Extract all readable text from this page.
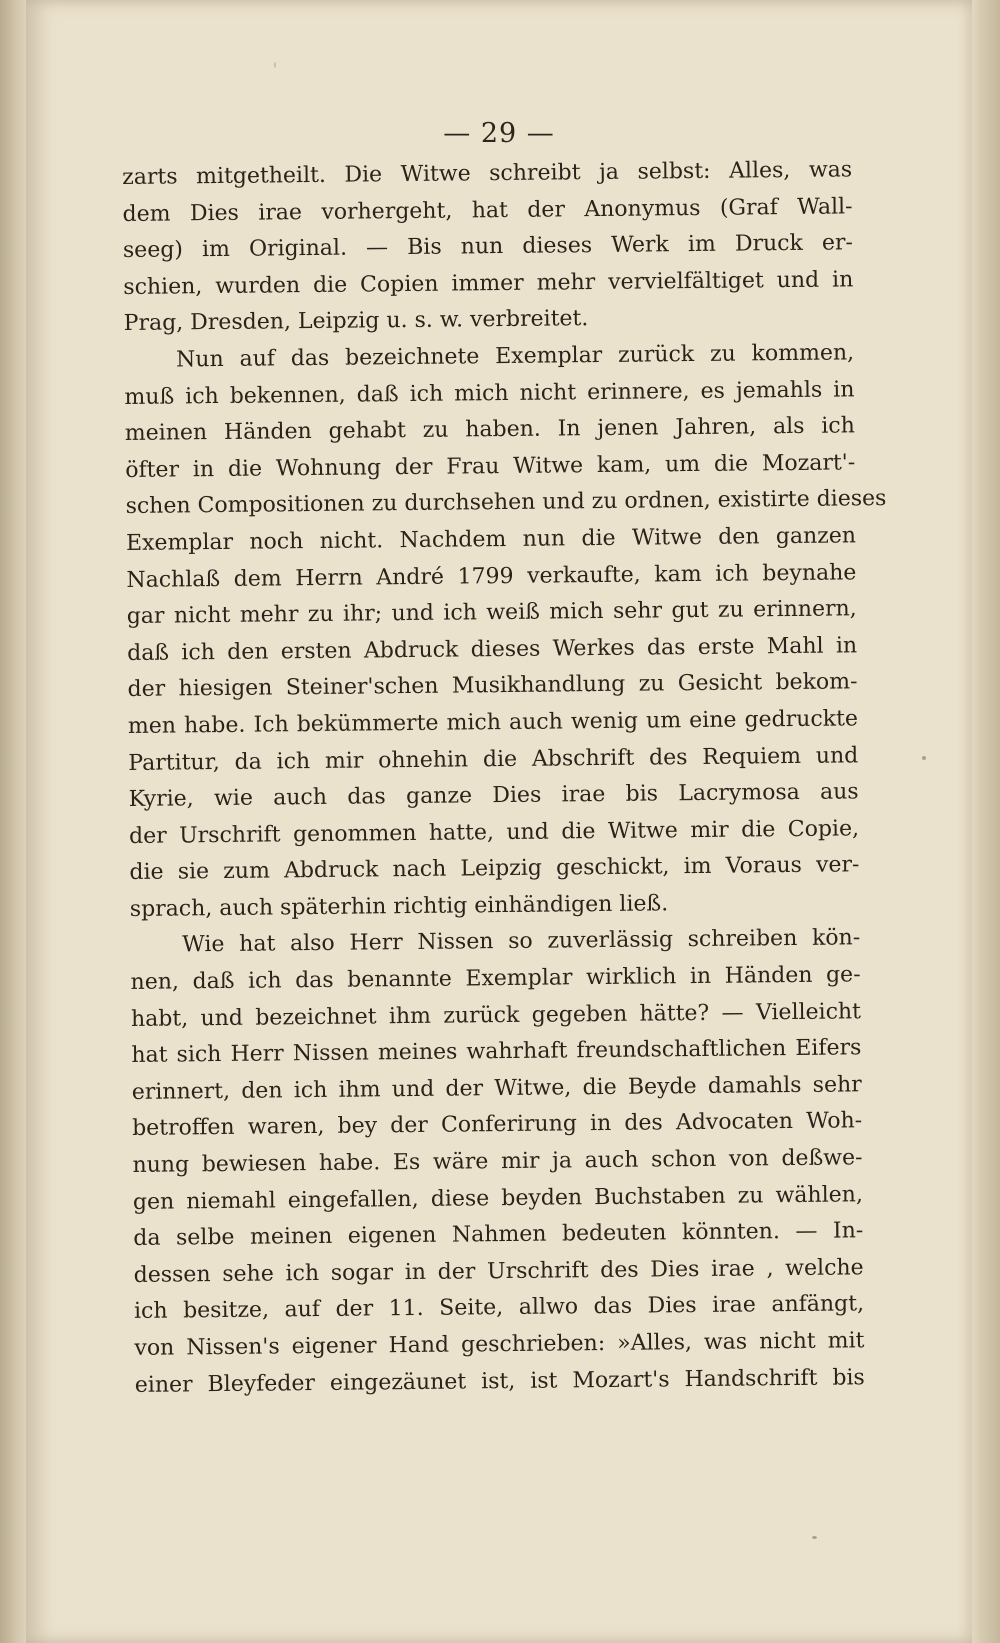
— 29 —
zarts mitgetheilt. Die Witwe schreibt ja selbst: Alles, was
dem Dies irae vorhergeht, hat der Anonymus (Graf Wall-
seeg) im Original. — Bis nun dieses Werk im Druck er-
schien, wurden die Copien immer mehr vervielfältiget und in
Prag, Dresden, Leipzig u. s. w. verbreitet.
Nun auf das bezeichnete Exemplar zurück zu kommen,
muß ich bekennen, daß ich mich nicht erinnere, es jemahls in
meinen Händen gehabt zu haben. In jenen Jahren, als ich
öfter in die Wohnung der Frau Witwe kam, um die Mozart'-
schen Compositionen zu durchsehen und zu ordnen, existirte dieses
Exemplar noch nicht. Nachdem nun die Witwe den ganzen
Nachlaß dem Herrn André 1799 verkaufte, kam ich beynahe
gar nicht mehr zu ihr; und ich weiß mich sehr gut zu erinnern,
daß ich den ersten Abdruck dieses Werkes das erste Mahl in
der hiesigen Steiner'schen Musikhandlung zu Gesicht bekom-
men habe. Ich bekümmerte mich auch wenig um eine gedruckte
Partitur, da ich mir ohnehin die Abschrift des Requiem und
Kyrie, wie auch das ganze Dies irae bis Lacrymosa aus
der Urschrift genommen hatte, und die Witwe mir die Copie,
die sie zum Abdruck nach Leipzig geschickt, im Voraus ver-
sprach, auch späterhin richtig einhändigen ließ.
Wie hat also Herr Nissen so zuverlässig schreiben kön-
nen, daß ich das benannte Exemplar wirklich in Händen ge-
habt, und bezeichnet ihm zurück gegeben hätte? — Vielleicht
hat sich Herr Nissen meines wahrhaft freundschaftlichen Eifers
erinnert, den ich ihm und der Witwe, die Beyde damahls sehr
betroffen waren, bey der Conferirung in des Advocaten Woh-
nung bewiesen habe. Es wäre mir ja auch schon von deßwe-
gen niemahl eingefallen, diese beyden Buchstaben zu wählen,
da selbe meinen eigenen Nahmen bedeuten könnten. — In-
dessen sehe ich sogar in der Urschrift des Dies irae , welche
ich besitze, auf der 11. Seite, allwo das Dies irae anfängt,
von Nissen's eigener Hand geschrieben: »Alles, was nicht mit
einer Bleyfeder eingezäunet ist, ist Mozart's Handschrift bis
